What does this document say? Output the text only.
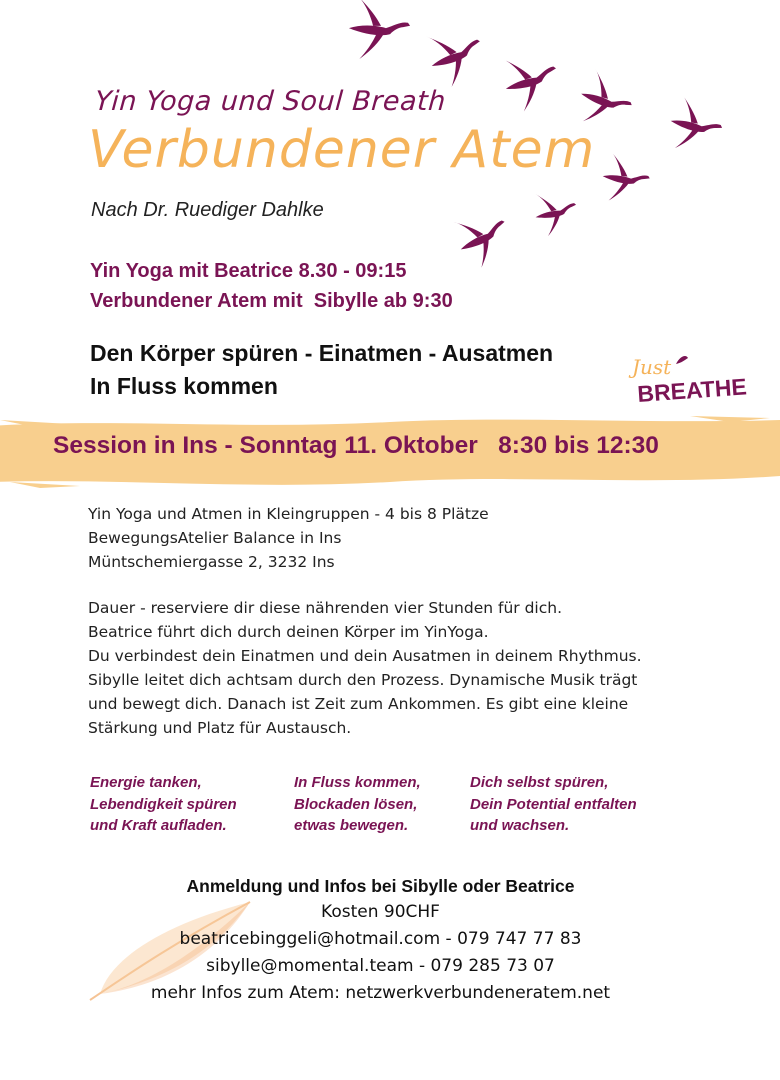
Yin Yoga und Soul Breath
Verbundener Atem
Nach Dr. Ruediger Dahlke
Yin Yoga mit Beatrice 8.30 - 09:15
Verbundener Atem mit  Sibylle ab 9:30
Den Körper spüren - Einatmen - Ausatmen
In Fluss kommen
Just
BREATHE
Session in Ins - Sonntag 11. Oktober   8:30 bis 12:30
Yin Yoga und Atmen in Kleingruppen - 4 bis 8 Plätze
BewegungsAtelier Balance in Ins
Müntschemiergasse 2, 3232 Ins
Dauer - reserviere dir diese nährenden vier Stunden für dich.
Beatrice führt dich durch deinen Körper im YinYoga.
Du verbindest dein Einatmen und dein Ausatmen in deinem Rhythmus.
Sibylle leitet dich achtsam durch den Prozess. Dynamische Musik trägt
und bewegt dich. Danach ist Zeit zum Ankommen. Es gibt eine kleine
Stärkung und Platz für Austausch.
Energie tanken,
Lebendigkeit spüren
und Kraft aufladen.
In Fluss kommen,
Blockaden lösen,
etwas bewegen.
Dich selbst spüren,
Dein Potential entfalten
und wachsen.
Anmeldung und Infos bei Sibylle oder Beatrice
Kosten 90CHF
beatricebinggeli@hotmail.com - 079 747 77 83
sibylle@momental.team - 079 285 73 07
mehr Infos zum Atem: netzwerkverbundeneratem.net
